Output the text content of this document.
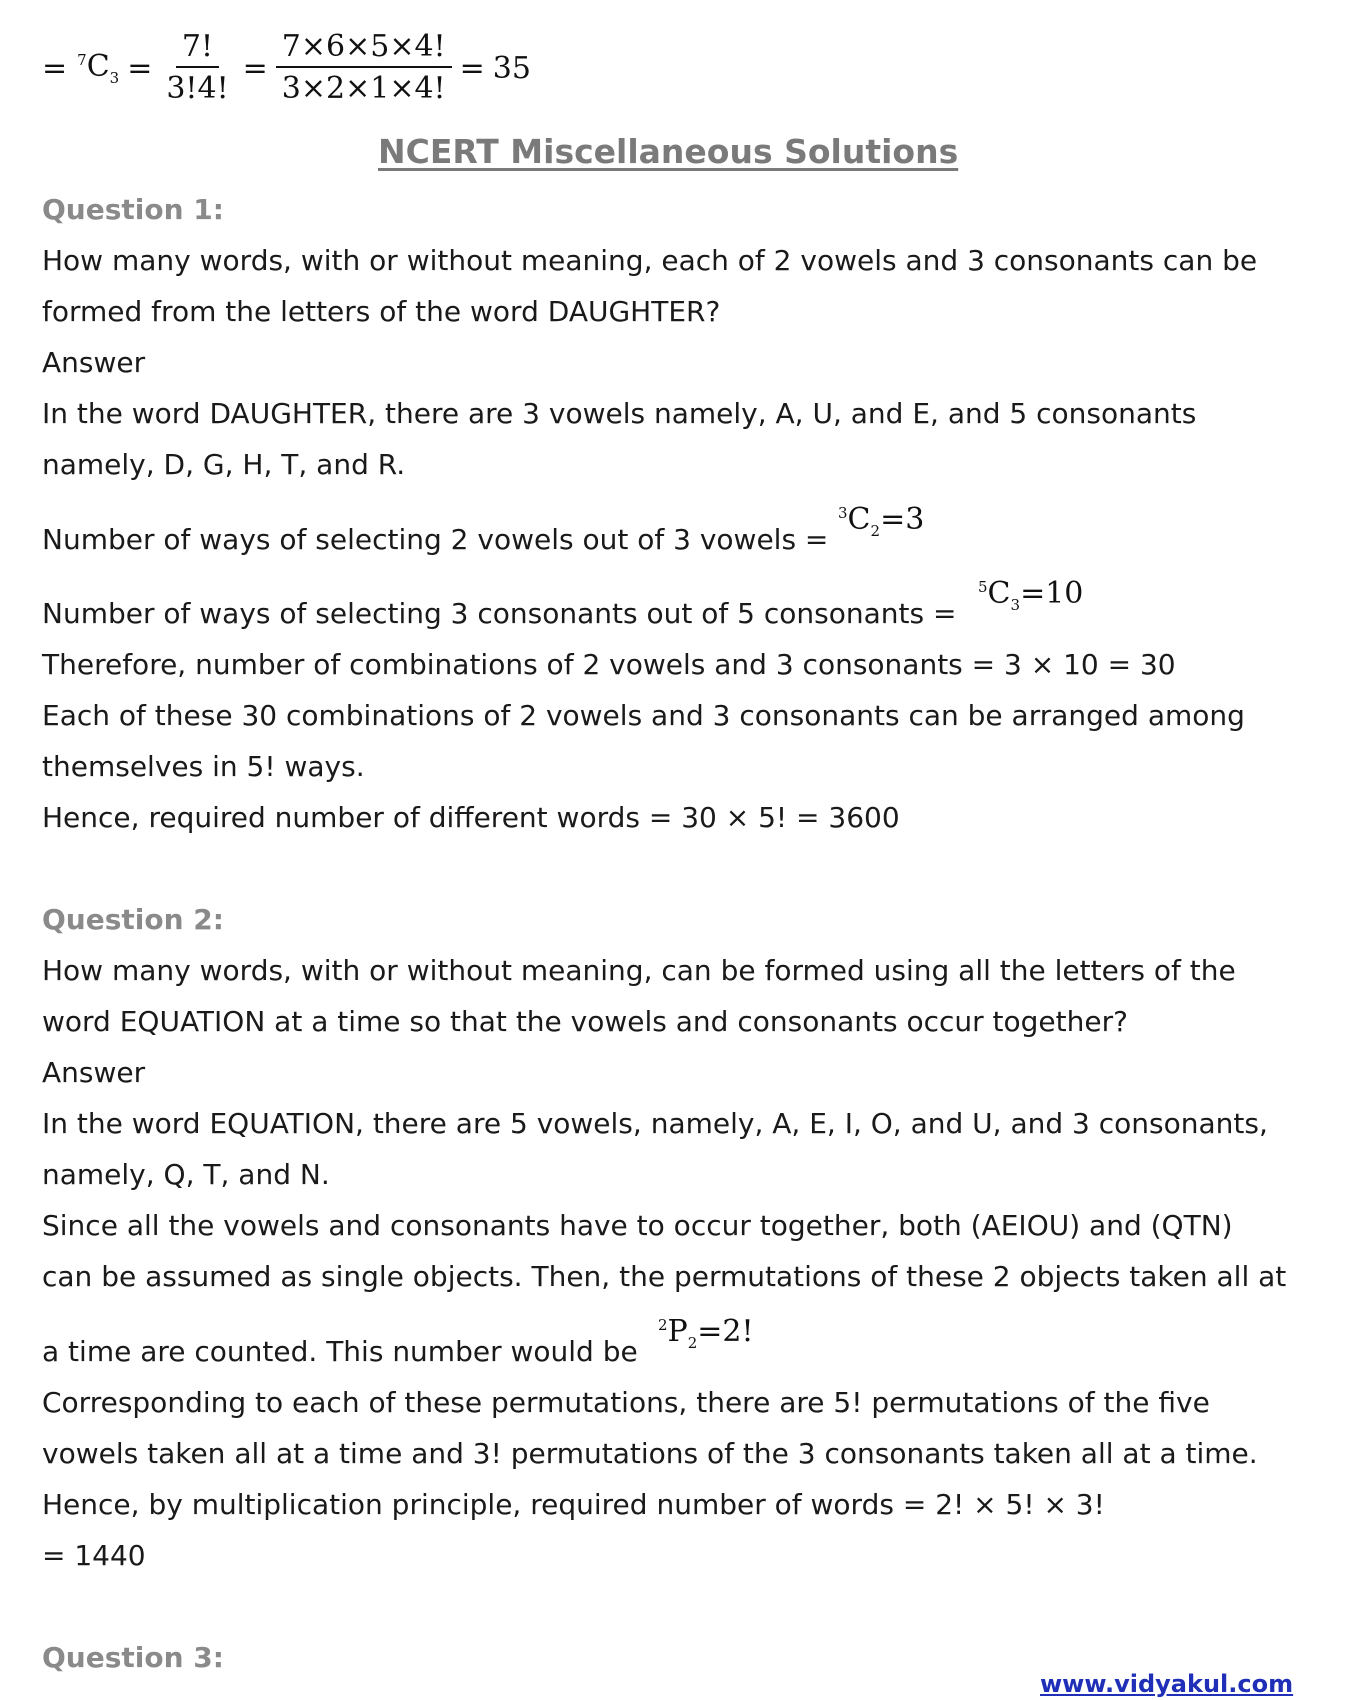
= $^7C_3 = \frac{7!}{3!4!} = \frac{7\times 6\times 5\times 4!}{3\times 2\times 1\times 4!} = 35$
NCERT Miscellaneous Solutions
Question 1:
How many words, with or without meaning, each of 2 vowels and 3 consonants can be
formed from the letters of the word DAUGHTER?
Answer
In the word DAUGHTER, there are 3 vowels namely, A, U, and E, and 5 consonants
namely, D, G, H, T, and R.
Number of ways of selecting 2 vowels out of 3 vowels =
$^3C_2=3$
Number of ways of selecting 3 consonants out of 5 consonants =
$^5C_3=10$
Therefore, number of combinations of 2 vowels and 3 consonants = 3 × 10 = 30
Each of these 30 combinations of 2 vowels and 3 consonants can be arranged among
themselves in 5! ways.
Hence, required number of different words = 30 × 5! = 3600
Question 2:
How many words, with or without meaning, can be formed using all the letters of the
word EQUATION at a time so that the vowels and consonants occur together?
Answer
In the word EQUATION, there are 5 vowels, namely, A, E, I, O, and U, and 3 consonants,
namely, Q, T, and N.
Since all the vowels and consonants have to occur together, both (AEIOU) and (QTN)
can be assumed as single objects. Then, the permutations of these 2 objects taken all at
a time are counted. This number would be
$^2P_2=2$!
Corresponding to each of these permutations, there are 5! permutations of the five
vowels taken all at a time and 3! permutations of the 3 consonants taken all at a time.
Hence, by multiplication principle, required number of words = 2! × 5! × 3!
= 1440
Question 3:
www.vidyakul.com
